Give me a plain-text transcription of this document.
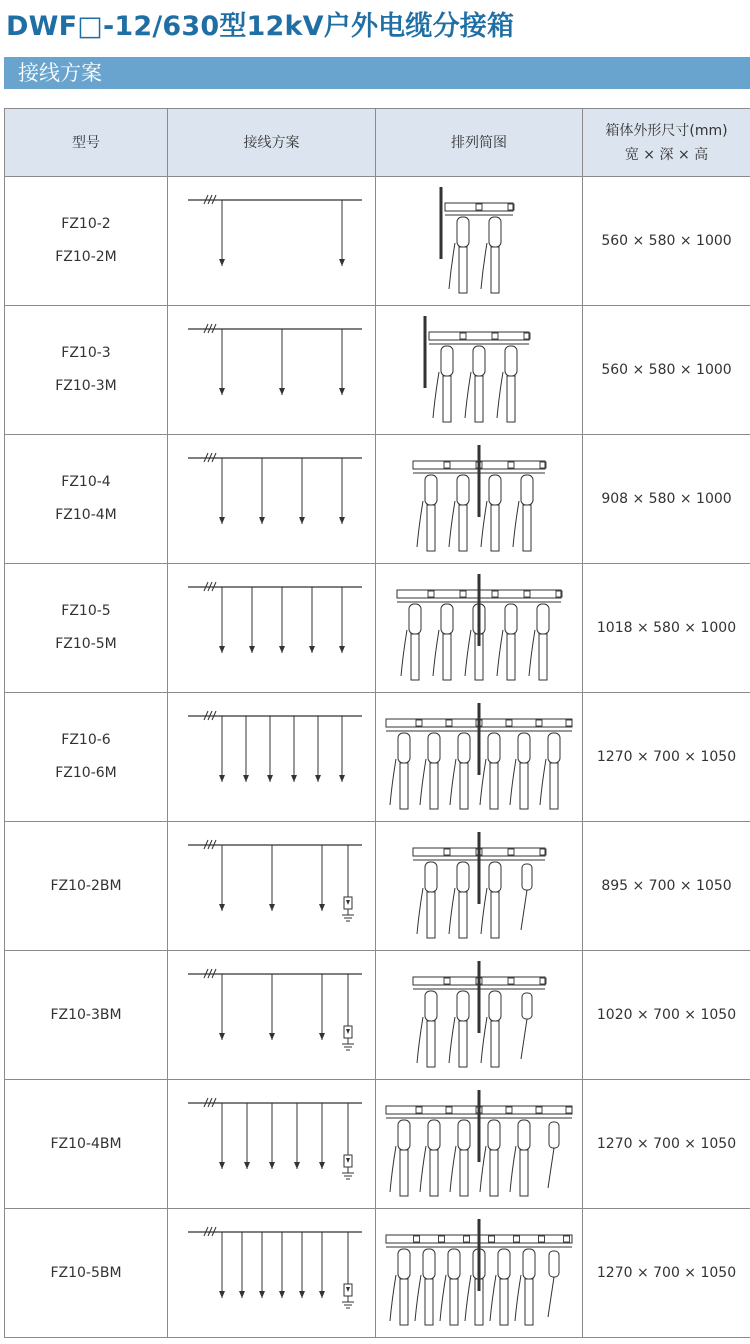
DWF□-12/630型12kV户外电缆分接箱
接线方案
型号	接线方案	排列简图	箱体外形尺寸(mm)
宽 × 深 × 高

FZ10-2
FZ10-2M			560 × 580 × 1000

FZ10-3
FZ10-3M			560 × 580 × 1000

FZ10-4
FZ10-4M			908 × 580 × 1000

FZ10-5
FZ10-5M			1018 × 580 × 1000

FZ10-6
FZ10-6M			1270 × 700 × 1050

FZ10-2BM			895 × 700 × 1050

FZ10-3BM			1020 × 700 × 1050

FZ10-4BM			1270 × 700 × 1050

FZ10-5BM			1270 × 700 × 1050
